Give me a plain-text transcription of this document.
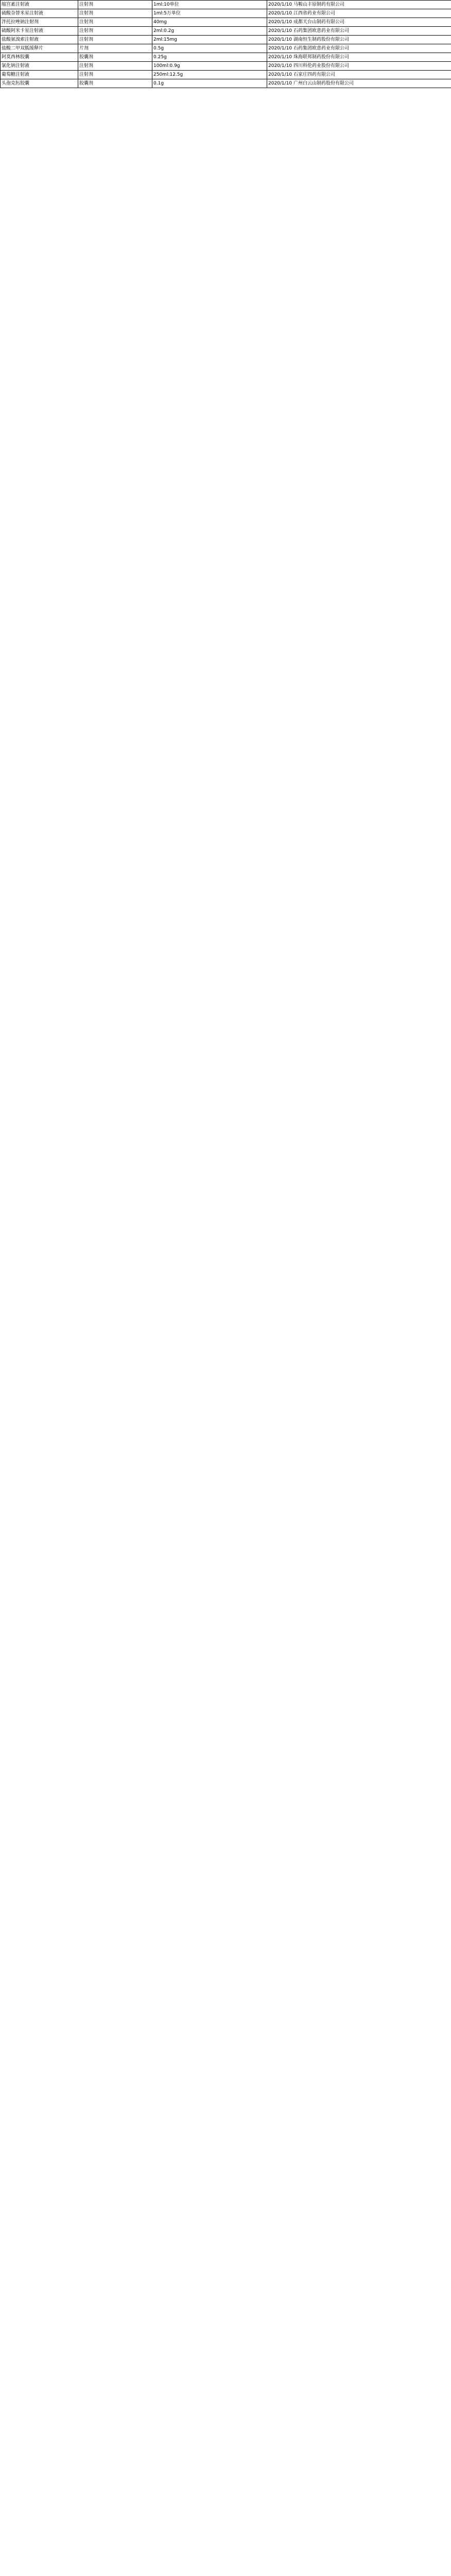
缩宫素注射液	注射剂	1ml:10单位	2020/1/10 马鞍山丰原制药有限公司
硫酸奈替米星注射液	注射剂	1ml:5万单位	2020/1/10 江西省药业有限公司
泮托拉唑钠注射剂	注射剂	40mg	2020/1/10 成都天台山制药有限公司
硫酸阿米卡星注射液	注射剂	2ml:0.2g	2020/1/10 石药集团欧意药业有限公司
盐酸氨溴索注射液	注射剂	2ml:15mg	2020/1/10 湖南恒生制药股份有限公司
盐酸二甲双胍缓释片	片剂	0.5g	2020/1/10 石药集团欧意药业有限公司
阿莫西林胶囊	胶囊剂	0.25g	2020/1/10 珠海联邦制药股份有限公司
氯化钠注射液	注射剂	100ml:0.9g	2020/1/10 四川科伦药业股份有限公司
葡萄糖注射液	注射剂	250ml:12.5g	2020/1/10 石家庄四药有限公司
头孢克肟胶囊	胶囊剂	0.1g	2020/1/10 广州白云山制药股份有限公司
